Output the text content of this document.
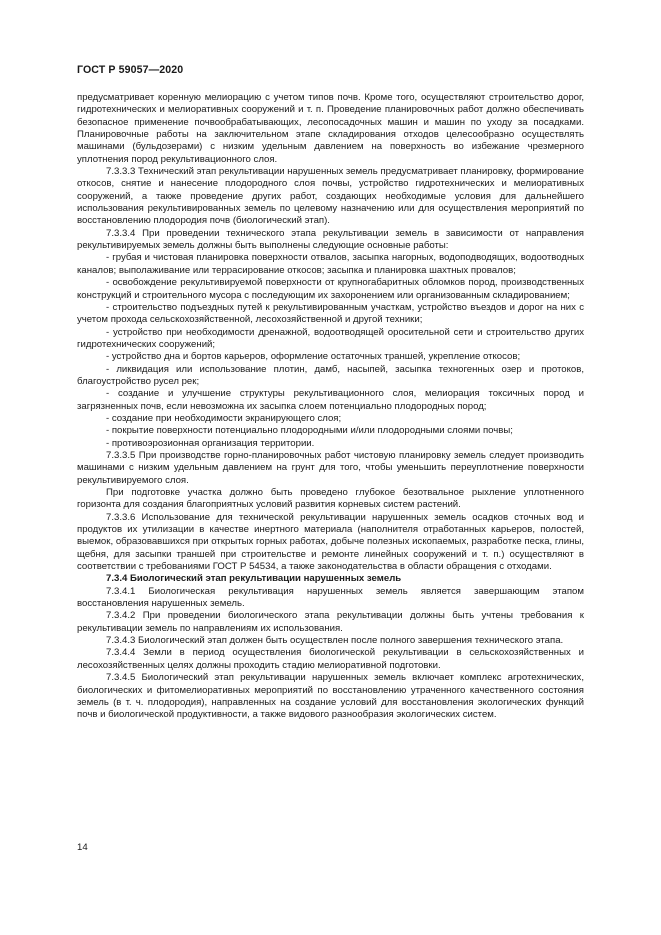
ГОСТ Р 59057—2020

предусматривает коренную мелиорацию с учетом типов почв. Кроме того, осуществляют строительство дорог, гидротехнических и мелиоративных сооружений и т. п. Проведение планировочных работ должно обеспечивать безопасное применение почвообрабатывающих, лесопосадочных машин и машин по уходу за посадками. Планировочные работы на заключительном этапе складирования отходов целесообразно осуществлять машинами (бульдозерами) с низким удельным давлением на поверхность во избежание чрезмерного уплотнения пород рекультивационного слоя.

7.3.3.3 Технический этап рекультивации нарушенных земель предусматривает планировку, формирование откосов, снятие и нанесение плодородного слоя почвы, устройство гидротехнических и мелиоративных сооружений, а также проведение других работ, создающих необходимые условия для дальнейшего использования рекультивированных земель по целевому назначению или для осуществления мероприятий по восстановлению плодородия почв (биологический этап).

7.3.3.4 При проведении технического этапа рекультивации земель в зависимости от направления рекультивируемых земель должны быть выполнены следующие основные работы:

- грубая и чистовая планировка поверхности отвалов, засыпка нагорных, водоподводящих, водоотводных каналов; выполаживание или террасирование откосов; засыпка и планировка шахтных провалов;

- освобождение рекультивируемой поверхности от крупногабаритных обломков пород, производственных конструкций и строительного мусора с последующим их захоронением или организованным складированием;

- строительство подъездных путей к рекультивированным участкам, устройство въездов и дорог на них с учетом прохода сельскохозяйственной, лесохозяйственной и другой техники;

- устройство при необходимости дренажной, водоотводящей оросительной сети и строительство других гидротехнических сооружений;

- устройство дна и бортов карьеров, оформление остаточных траншей, укрепление откосов;

- ликвидация или использование плотин, дамб, насыпей, засыпка техногенных озер и протоков, благоустройство русел рек;

- создание и улучшение структуры рекультивационного слоя, мелиорация токсичных пород и загрязненных почв, если невозможна их засыпка слоем потенциально плодородных пород;

- создание при необходимости экранирующего слоя;

- покрытие поверхности потенциально плодородными и/или плодородными слоями почвы;

- противоэрозионная организация территории.

7.3.3.5 При производстве горно-планировочных работ чистовую планировку земель следует производить машинами с низким удельным давлением на грунт для того, чтобы уменьшить переуплотнение поверхности рекультивируемого слоя.

При подготовке участка должно быть проведено глубокое безотвальное рыхление уплотненного горизонта для создания благоприятных условий развития корневых систем растений.

7.3.3.6 Использование для технической рекультивации нарушенных земель осадков сточных вод и продуктов их утилизации в качестве инертного материала (наполнителя отработанных карьеров, полостей, выемок, образовавшихся при открытых горных работах, добыче полезных ископаемых, разработке песка, глины, щебня, для засыпки траншей при строительстве и ремонте линейных сооружений и т. п.) осуществляют в соответствии с требованиями ГОСТ Р 54534, а также законодательства в области обращения с отходами.

7.3.4 Биологический этап рекультивации нарушенных земель

7.3.4.1 Биологическая рекультивация нарушенных земель является завершающим этапом восстановления нарушенных земель.

7.3.4.2 При проведении биологического этапа рекультивации должны быть учтены требования к рекультивации земель по направлениям их использования.

7.3.4.3 Биологический этап должен быть осуществлен после полного завершения технического этапа.

7.3.4.4 Земли в период осуществления биологической рекультивации в сельскохозяйственных и лесохозяйственных целях должны проходить стадию мелиоративной подготовки.

7.3.4.5 Биологический этап рекультивации нарушенных земель включает комплекс агротехнических, биологических и фитомелиоративных мероприятий по восстановлению утраченного качественного состояния земель (в т. ч. плодородия), направленных на создание условий для восстановления экологических функций почв и биологической продуктивности, а также видового разнообразия экологических систем.

14
